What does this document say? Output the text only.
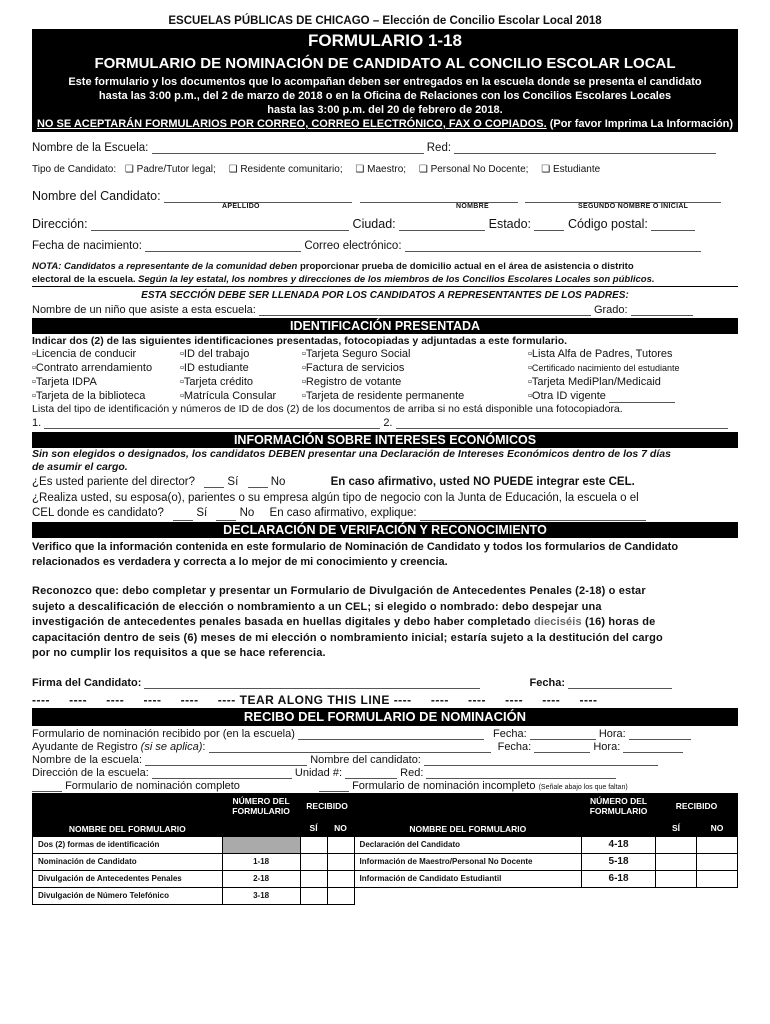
ESCUELAS PÚBLICAS DE CHICAGO – Elección de Concilio Escolar Local 2018
FORMULARIO 1-18
FORMULARIO DE NOMINACIÓN DE CANDIDATO AL CONCILIO ESCOLAR LOCAL
Este formulario y los documentos que lo acompañan deben ser entregados en la escuela donde se presenta el candidato
hasta las 3:00 p.m., del 2 de marzo de 2018 o en la Oficina de Relaciones con los Concilios Escolares Locales
hasta las 3:00 p.m. del 20 de febrero de 2018.
NO SE ACEPTARÁN FORMULARIOS POR CORREO, CORREO ELECTRÓNICO, FAX O COPIADOS. (Por favor Imprima La Información)
Nombre de la Escuela:	Red:
Tipo de Candidato: ❏ Padre/Tutor legal; ❏ Residente comunitario; ❏ Maestro; ❏ Personal No Docente; ❏ Estudiante
Nombre del Candidato:
APELLIDO	NOMBRE	SEGUNDO NOMBRE O INICIAL
Dirección:	Ciudad:	Estado:	Código postal:
Fecha de nacimiento:	Correo electrónico:
NOTA: Candidatos a representante de la comunidad deben proporcionar prueba de domicilio actual en el área de asistencia o distrito
electoral de la escuela. Según la ley estatal, los nombres y direcciones de los miembros de los Concilios Escolares Locales son públicos.
ESTA SECCIÓN DEBE SER LLENADA POR LOS CANDIDATOS A REPRESENTANTES DE LOS PADRES:
Nombre de un niño que asiste a esta escuela:	Grado:
IDENTIFICACIÓN PRESENTADA
Indicar dos (2) de las siguientes identificaciones presentadas, fotocopiadas y adjuntadas a este formulario.
▫Licencia de conducir	▫ID del trabajo	▫Tarjeta Seguro Social	▫Lista Alfa de Padres, Tutores
▫Contrato arrendamiento	▫ID estudiante	▫Factura de servicios	▫Certificado nacimiento del estudiante
▫Tarjeta IDPA	▫Tarjeta crédito	▫Registro de votante	▫Tarjeta MediPlan/Medicaid
▫Tarjeta de la biblioteca	▫Matrícula Consular	▫Tarjeta de residente permanente	▫Otra ID vigente
Lista del tipo de identificación y números de ID de dos (2) de los documentos de arriba si no está disponible una fotocopiadora.
1.	2.
INFORMACIÓN SOBRE INTERESES ECONÓMICOS
Sin son elegidos o designados, los candidatos DEBEN presentar una Declaración de Intereses Económicos dentro de los 7 días
de asumir el cargo.
¿Es usted pariente del director?	Sí	No	En caso afirmativo, usted NO PUEDE integrar este CEL.
¿Realiza usted, su esposa(o), parientes o su empresa algún tipo de negocio con la Junta de Educación, la escuela o el
CEL donde es candidato?	Sí	No En caso afirmativo, explique:
DECLARACIÓN DE VERIFACIÓN Y RECONOCIMIENTO
Verifico que la información contenida en este formulario de Nominación de Candidato y todos los formularios de Candidato
relacionados es verdadera y correcta a lo mejor de mi conocimiento y creencia.
Reconozco que: debo completar y presentar un Formulario de Divulgación de Antecedentes Penales (2-18) o estar
sujeto a descalificación de elección o nombramiento a un CEL; si elegido o nombrado: debo despejar una
investigación de antecedentes penales basada en huellas digitales y debo haber completado dieciséis (16) horas de
capacitación dentro de seis (6) meses de mi elección o nombramiento inicial; estaría sujeto a la destitución del cargo
por no cumplir los requisitos a que se hace referencia.
Firma del Candidato:	Fecha:
----     ----     ----     ----     ----     ---- TEAR ALONG THIS LINE ----     ----     ----     ----     ----     ----
RECIBO DEL FORMULARIO DE NOMINACIÓN
Formulario de nominación recibido por (en la escuela)	Fecha:	Hora:
Ayudante de Registro (si se aplica):	Fecha:	Hora:
Nombre de la escuela:	Nombre del candidato:
Dirección de la escuela:	Unidad #:	Red:
Formulario de nominación completo	Formulario de nominación incompleto (Señale abajo los que faltan)
NOMBRE DEL FORMULARIO	NÚMERO DEL FORMULARIO	RECIBIDO		NOMBRE DEL FORMULARIO	NÚMERO DEL FORMULARIO	RECIBIDO	
		SÍ	NO			SÍ	NO
Dos (2) formas de identificación				Declaración del Candidato	4-18		
Nominación de Candidato	1-18			Información de Maestro/Personal No Docente	5-18		
Divulgación de Antecedentes Penales	2-18			Información de Candidato Estudiantil	6-18		
Divulgación de Número Telefónico	3-18						
